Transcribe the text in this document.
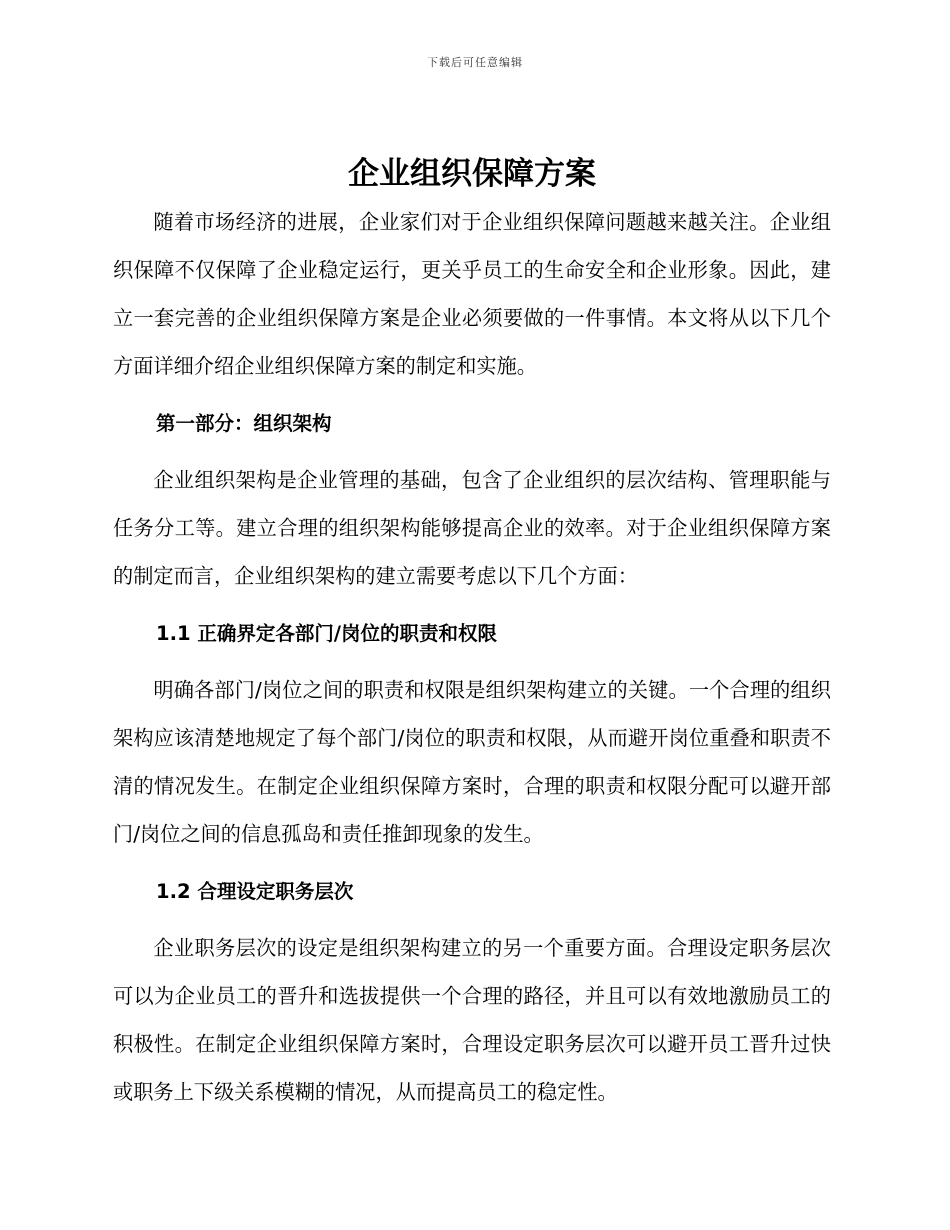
下载后可任意编辑
企业组织保障方案

随着市场经济的进展，企业家们对于企业组织保障问题越来越关注。企业组织保障不仅保障了企业稳定运行，更关乎员工的生命安全和企业形象。因此，建立一套完善的企业组织保障方案是企业必须要做的一件事情。本文将从以下几个方面详细介绍企业组织保障方案的制定和实施。

第一部分：组织架构

企业组织架构是企业管理的基础，包含了企业组织的层次结构、管理职能与任务分工等。建立合理的组织架构能够提高企业的效率。对于企业组织保障方案的制定而言，企业组织架构的建立需要考虑以下几个方面：

1.1 正确界定各部门/岗位的职责和权限

明确各部门/岗位之间的职责和权限是组织架构建立的关键。一个合理的组织架构应该清楚地规定了每个部门/岗位的职责和权限，从而避开岗位重叠和职责不清的情况发生。在制定企业组织保障方案时，合理的职责和权限分配可以避开部门/岗位之间的信息孤岛和责任推卸现象的发生。

1.2 合理设定职务层次

企业职务层次的设定是组织架构建立的另一个重要方面。合理设定职务层次可以为企业员工的晋升和选拔提供一个合理的路径，并且可以有效地激励员工的积极性。在制定企业组织保障方案时，合理设定职务层次可以避开员工晋升过快或职务上下级关系模糊的情况，从而提高员工的稳定性。
